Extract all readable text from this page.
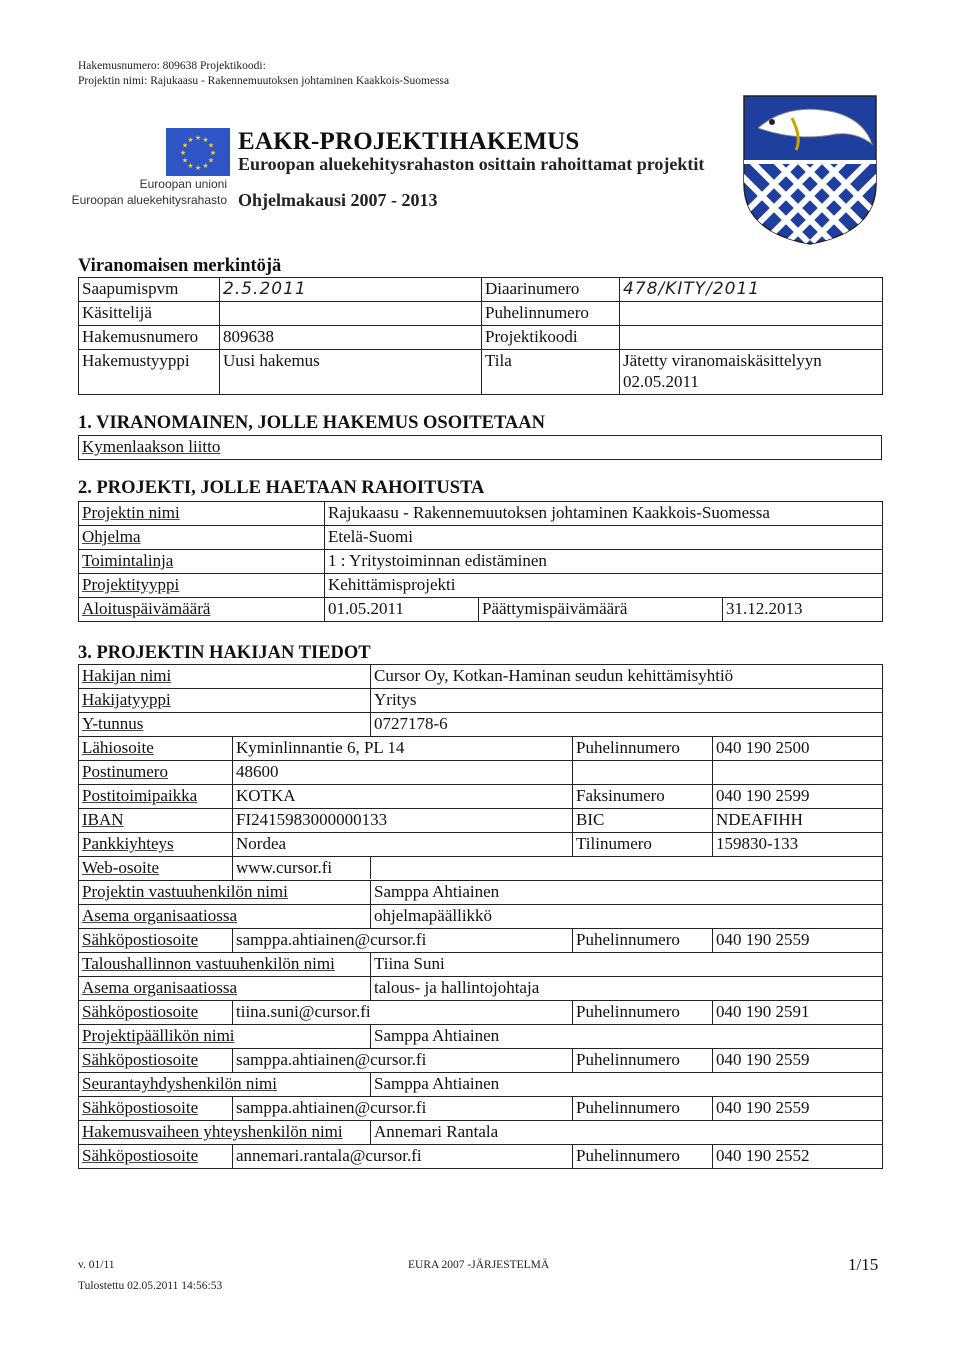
Hakemusnumero: 809638 Projektikoodi:
Projektin nimi: Rajukaasu - Rakennemuutoksen johtaminen Kaakkois-Suomessa
★ ★
★
★
★
★
★
★
★
★
★
★
Euroopan unioni
Euroopan aluekehitysrahasto
EAKR-PROJEKTIHAKEMUS
Euroopan aluekehitysrahaston osittain rahoittamat projektit
Ohjelmakausi 2007 - 2013
Viranomaisen merkintöjä
Saapumispvm	2.5.2011	Diaarinumero	478/KITY/2011
Käsittelijä		Puhelinnumero	
Hakemusnumero	809638	Projektikoodi	
Hakemustyyppi	Uusi hakemus	Tila	Jätetty viranomaiskäsittelyyn 02.05.2011
1. VIRANOMAINEN, JOLLE HAKEMUS OSOITETAAN
Kymenlaakson liitto
2. PROJEKTI, JOLLE HAETAAN RAHOITUSTA
Projektin nimi	Rajukaasu - Rakennemuutoksen johtaminen Kaakkois-Suomessa		
Ohjelma	Etelä-Suomi		
Toimintalinja	1 : Yritystoiminnan edistäminen		
Projektityyppi	Kehittämisprojekti		
Aloituspäivämäärä	01.05.2011	Päättymispäivämäärä	31.12.2013
3. PROJEKTIN HAKIJAN TIEDOT
Hakijan nimi		Cursor Oy, Kotkan-Haminan seudun kehittämisyhtiö		
Hakijatyyppi		Yritys		
Y-tunnus		0727178-6		
Lähiosoite	Kyminlinnantie 6, PL 14		Puhelinnumero	040 190 2500
Postinumero	48600			
Postitoimipaikka	KOTKA		Faksinumero	040 190 2599
IBAN	FI2415983000000133		BIC	NDEAFIHH
Pankkiyhteys	Nordea		Tilinumero	159830-133
Web-osoite	www.cursor.fi			
Projektin vastuuhenkilön nimi		Samppa Ahtiainen		
Asema organisaatiossa		ohjelmapäällikkö		
Sähköpostiosoite	samppa.ahtiainen@cursor.fi		Puhelinnumero	040 190 2559
Taloushallinnon vastuuhenkilön nimi		Tiina Suni		
Asema organisaatiossa		talous- ja hallintojohtaja		
Sähköpostiosoite	tiina.suni@cursor.fi		Puhelinnumero	040 190 2591
Projektipäällikön nimi		Samppa Ahtiainen		
Sähköpostiosoite	samppa.ahtiainen@cursor.fi		Puhelinnumero	040 190 2559
Seurantayhdyshenkilön nimi		Samppa Ahtiainen		
Sähköpostiosoite	samppa.ahtiainen@cursor.fi		Puhelinnumero	040 190 2559
Hakemusvaiheen yhteyshenkilön nimi		Annemari Rantala		
Sähköpostiosoite	annemari.rantala@cursor.fi		Puhelinnumero	040 190 2552
v. 01/11
Tulostettu 02.05.2011 14:56:53
EURA 2007 -JÄRJESTELMÄ	1/15
